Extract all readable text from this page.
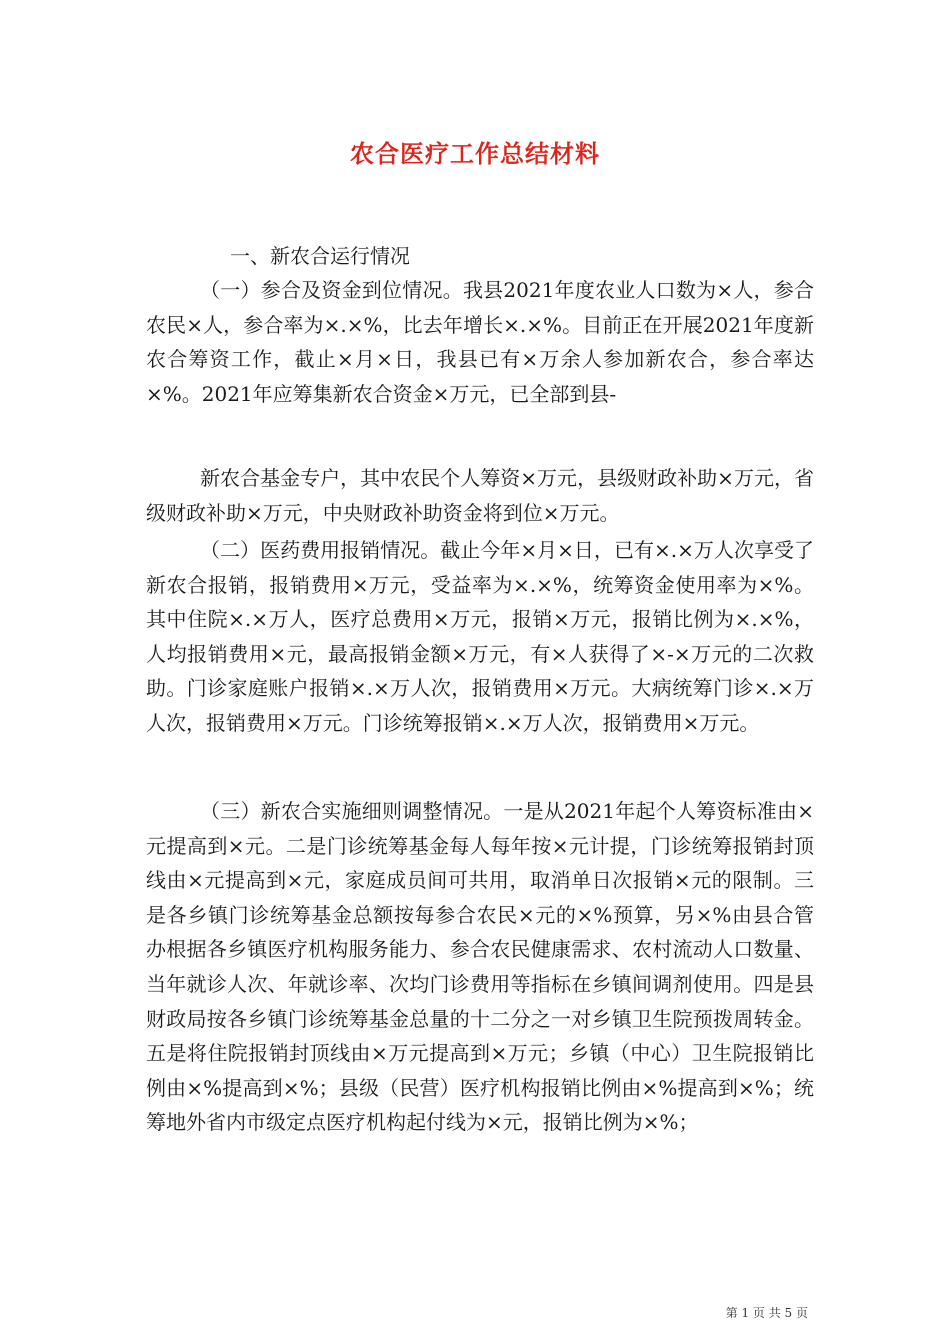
农合医疗工作总结材料
一、新农合运行情况

（一）参合及资金到位情况。我县2021年度农业人口数为×人，参合农民×人，参合率为×.×%，比去年增长×.×%。目前正在开展2021年度新农合筹资工作，截止×月×日，我县已有×万余人参加新农合，参合率达×%。2021年应筹集新农合资金×万元，已全部到县-

新农合基金专户，其中农民个人筹资×万元，县级财政补助×万元，省级财政补助×万元，中央财政补助资金将到位×万元。

（二）医药费用报销情况。截止今年×月×日，已有×.×万人次享受了新农合报销，报销费用×万元，受益率为×.×%，统筹资金使用率为×%。其中住院×.×万人，医疗总费用×万元，报销×万元，报销比例为×.×%，人均报销费用×元，最高报销金额×万元，有×人获得了×-×万元的二次救助。门诊家庭账户报销×.×万人次，报销费用×万元。大病统筹门诊×.×万人次，报销费用×万元。门诊统筹报销×.×万人次，报销费用×万元。

（三）新农合实施细则调整情况。一是从2021年起个人筹资标准由×元提高到×元。二是门诊统筹基金每人每年按×元计提，门诊统筹报销封顶线由×元提高到×元，家庭成员间可共用，取消单日次报销×元的限制。三是各乡镇门诊统筹基金总额按每参合农民×元的×%预算，另×%由县合管办根据各乡镇医疗机构服务能力、参合农民健康需求、农村流动人口数量、当年就诊人次、年就诊率、次均门诊费用等指标在乡镇间调剂使用。四是县财政局按各乡镇门诊统筹基金总量的十二分之一对乡镇卫生院预拨周转金。五是将住院报销封顶线由×万元提高到×万元；乡镇（中心）卫生院报销比例由×%提高到×%；县级（民营）医疗机构报销比例由×%提高到×%；统筹地外省内市级定点医疗机构起付线为×元，报销比例为×%；

第 1 页 共 5 页
